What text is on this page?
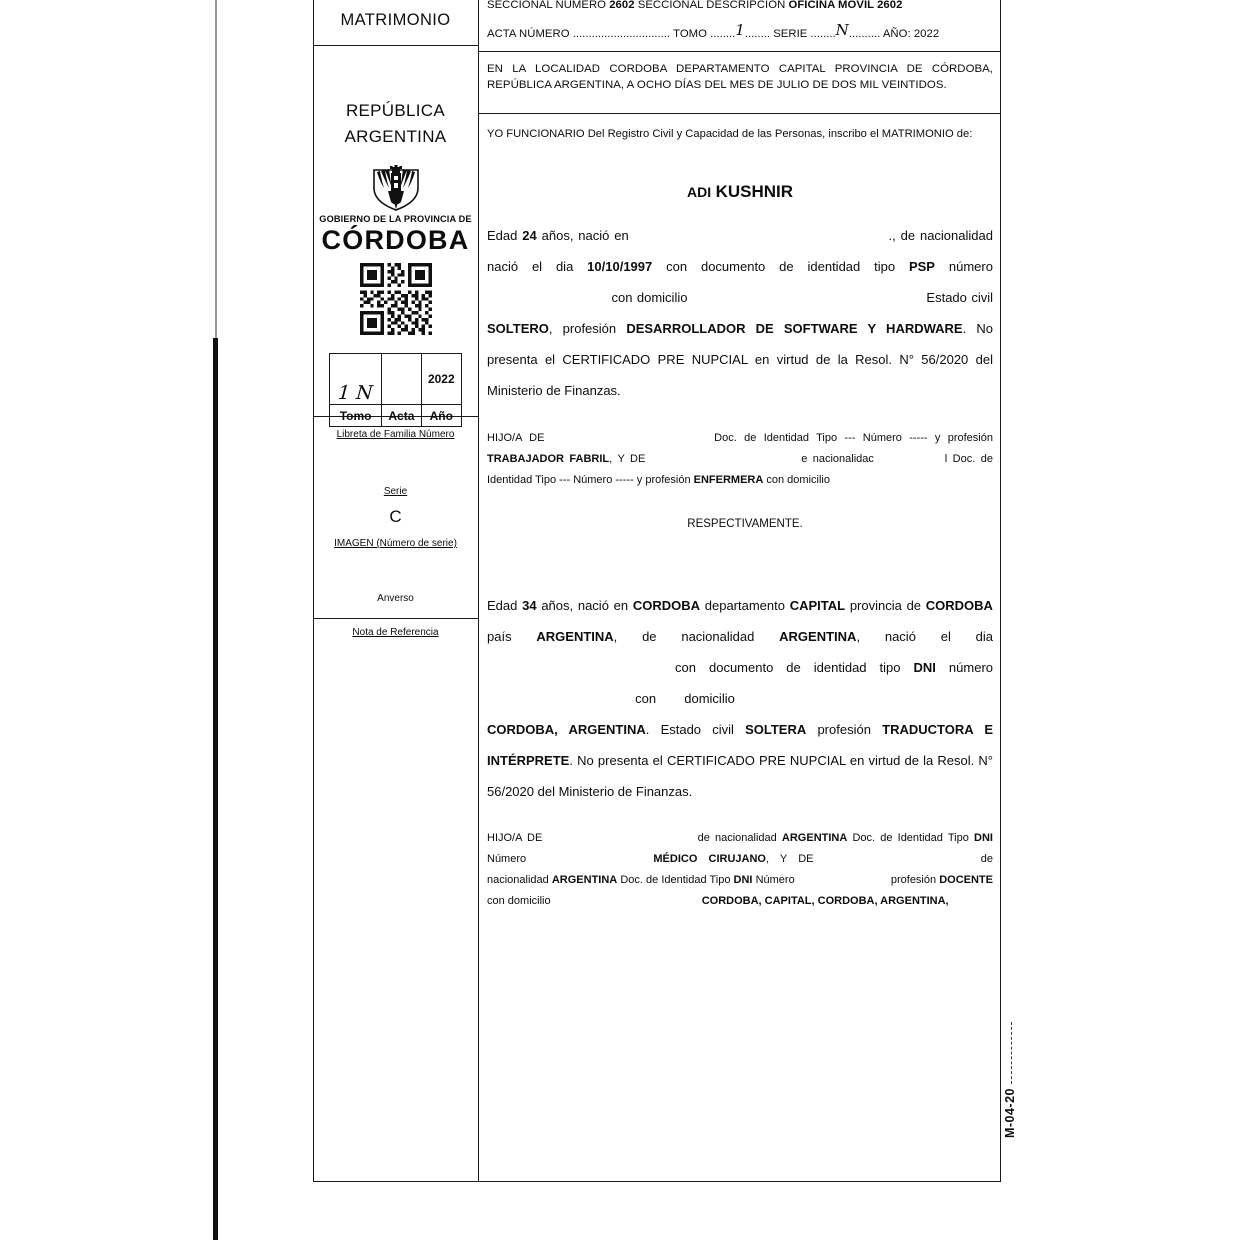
MATRIMONIO
REPÚBLICA
ARGENTINA
GOBIERNO DE LA PROVINCIA DE
CÓRDOBA
1 N		2022
Tomo	Acta	Año
Libreta de Familia Número
Serie
C
IMAGEN (Número de serie)
Anverso
Nota de Referencia
SECCIONAL NÚMERO 2602 SECCIONAL DESCRIPCIÓN OFICINA MOVIL 2602
ACTA NÚMERO ............................... TOMO ........1........ SERIE ........N.......... AÑO: 2022
EN LA LOCALIDAD CORDOBA DEPARTAMENTO CAPITAL PROVINCIA DE CÓRDOBA, REPÚBLICA ARGENTINA, A OCHO DÍAS DEL MES DE JULIO DE DOS MIL VEINTIDOS.

YO FUNCIONARIO Del Registro Civil y Capacidad de las Personas, inscribo el MATRIMONIO de:

ADI KUSHNIR

Edad 24 años, nació en	., de nacionalidad nació el dia 10/10/1997 con documento de identidad tipo PSP número  con domicilio	Estado civil SOLTERO, profesión DESARROLLADOR DE SOFTWARE Y HARDWARE. No presenta el CERTIFICADO PRE NUPCIAL en virtud de la Resol. N° 56/2020 del Ministerio de Finanzas.

HIJO/A DE	Doc. de Identidad Tipo --- Número ----- y profesión TRABAJADOR FABRIL, Y DE	e nacionalidac	l Doc. de Identidad Tipo --- Número ----- y profesión ENFERMERA con domicilio

RESPECTIVAMENTE.

Edad 34 años, nació en CORDOBA departamento CAPITAL provincia de CORDOBA país ARGENTINA, de nacionalidad ARGENTINA, nació el dia  con documento de identidad tipo DNI número  con domicilio  CORDOBA, ARGENTINA. Estado civil SOLTERA profesión TRADUCTORA E INTÉRPRETE. No presenta el CERTIFICADO PRE NUPCIAL en virtud de la Resol. N° 56/2020 del Ministerio de Finanzas.

HIJO/A DE	de nacionalidad ARGENTINA Doc. de Identidad Tipo DNI Número	MÉDICO CIRUJANO, Y DE	de nacionalidad ARGENTINA Doc. de Identidad Tipo DNI Número	profesión DOCENTE con domicilio	CORDOBA, CAPITAL, CORDOBA, ARGENTINA,

M-04-20
